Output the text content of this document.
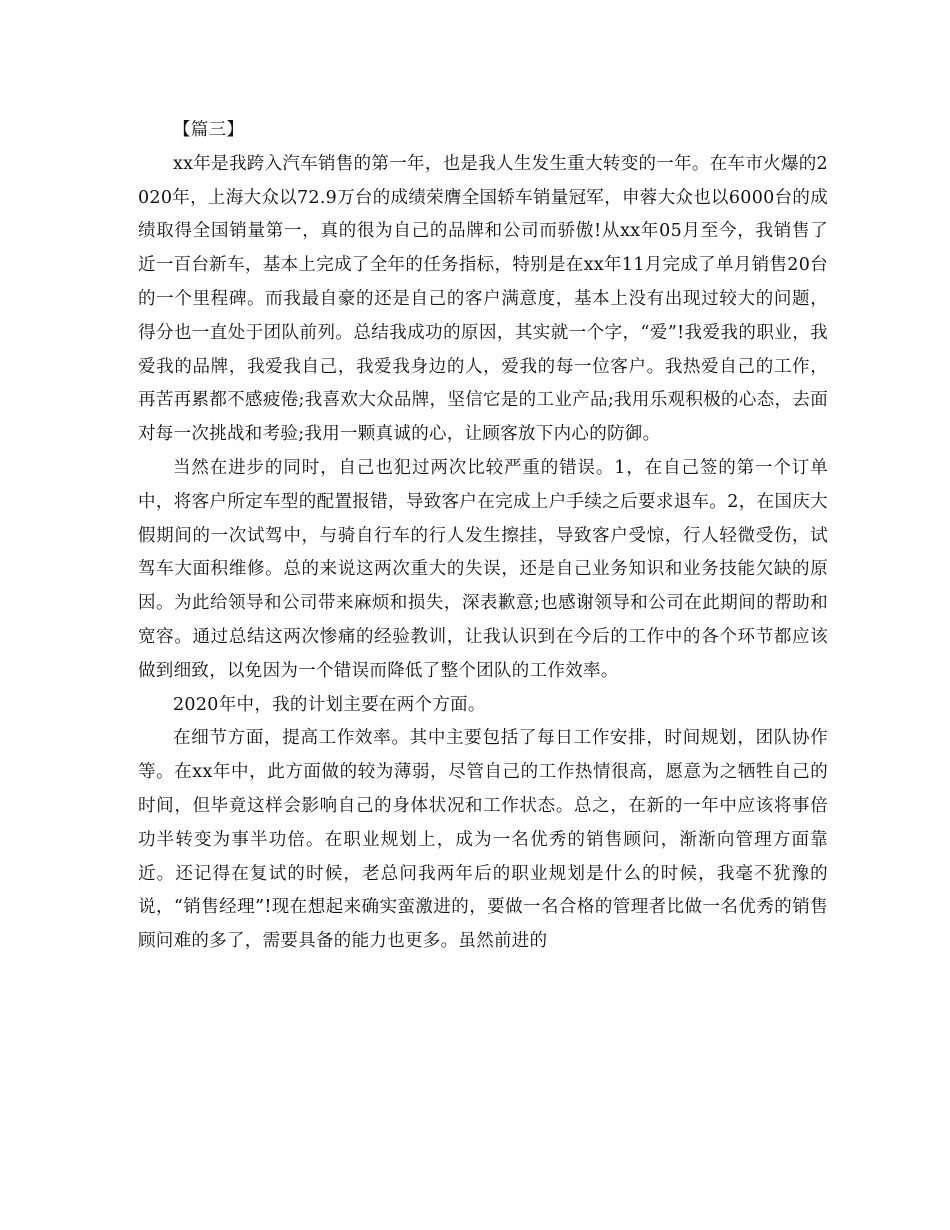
【篇三】

xx年是我跨入汽车销售的第一年，也是我人生发生重大转变的一年。在车市火爆的2020年，上海大众以72.9万台的成绩荣膺全国轿车销量冠军，申蓉大众也以6000台的成绩取得全国销量第一，真的很为自己的品牌和公司而骄傲!从xx年05月至今，我销售了近一百台新车，基本上完成了全年的任务指标，特别是在xx年11月完成了单月销售20台的一个里程碑。而我最自豪的还是自己的客户满意度，基本上没有出现过较大的问题，得分也一直处于团队前列。总结我成功的原因，其实就一个字，“爱”!我爱我的职业，我爱我的品牌，我爱我自己，我爱我身边的人，爱我的每一位客户。我热爱自己的工作，再苦再累都不感疲倦;我喜欢大众品牌，坚信它是的工业产品;我用乐观积极的心态，去面对每一次挑战和考验;我用一颗真诚的心，让顾客放下内心的防御。

当然在进步的同时，自己也犯过两次比较严重的错误。1，在自己签的第一个订单中，将客户所定车型的配置报错，导致客户在完成上户手续之后要求退车。2，在国庆大假期间的一次试驾中，与骑自行车的行人发生擦挂，导致客户受惊，行人轻微受伤，试驾车大面积维修。总的来说这两次重大的失误，还是自己业务知识和业务技能欠缺的原因。为此给领导和公司带来麻烦和损失，深表歉意;也感谢领导和公司在此期间的帮助和宽容。通过总结这两次惨痛的经验教训，让我认识到在今后的工作中的各个环节都应该做到细致，以免因为一个错误而降低了整个团队的工作效率。

2020年中，我的计划主要在两个方面。

在细节方面，提高工作效率。其中主要包括了每日工作安排，时间规划，团队协作等。在xx年中，此方面做的较为薄弱，尽管自己的工作热情很高，愿意为之牺牲自己的时间，但毕竟这样会影响自己的身体状况和工作状态。总之，在新的一年中应该将事倍功半转变为事半功倍。在职业规划上，成为一名优秀的销售顾问，渐渐向管理方面靠近。还记得在复试的时候，老总问我两年后的职业规划是什么的时候，我毫不犹豫的说，“销售经理”!现在想起来确实蛮激进的，要做一名合格的管理者比做一名优秀的销售顾问难的多了，需要具备的能力也更多。虽然前进的
